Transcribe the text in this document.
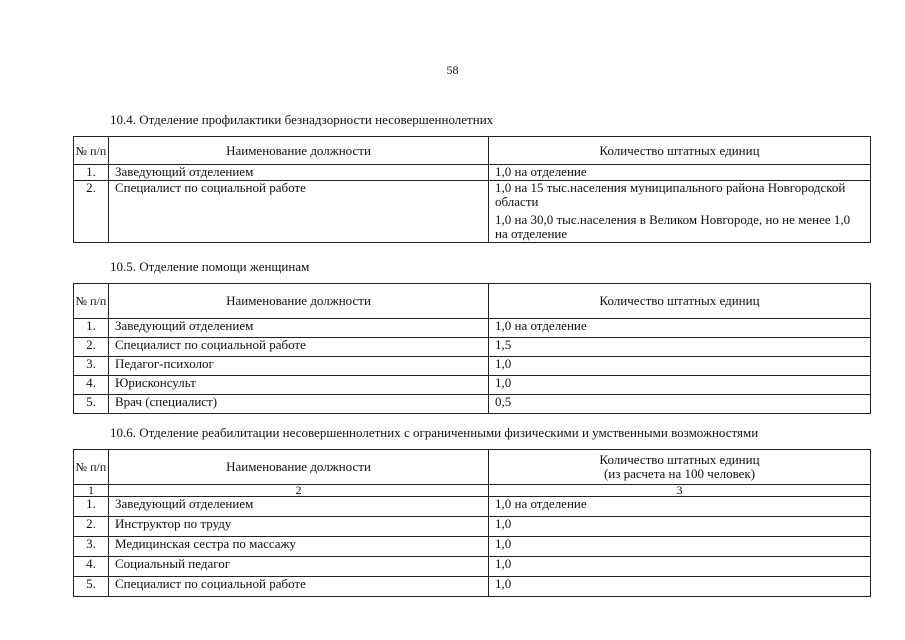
58
10.4. Отделение профилактики безнадзорности несовершеннолетних
№ п/п	Наименование должности	Количество штатных единиц
1.	Заведующий отделением	1,0 на отделение
2.	Специалист по социальной работе	1,0 на 15 тыс.населения муниципального района Новгородской области
1,0 на 30,0 тыс.населения в Великом Новгороде, но не менее 1,0 на отделение
10.5. Отделение помощи женщинам
№ п/п	Наименование должности	Количество штатных единиц
1.	Заведующий отделением	1,0 на отделение
2.	Специалист по социальной работе	1,5
3.	Педагог-психолог	1,0
4.	Юрисконсульт	1,0
5.	Врач (специалист)	0,5
10.6. Отделение реабилитации несовершеннолетних с ограниченными физическими и умственными возможностями
№ п/п	Наименование должности	Количество штатных единиц
(из расчета на 100 человек)

1	2	3
1.	Заведующий отделением	1,0 на отделение
2.	Инструктор по труду	1,0
3.	Медицинская сестра по массажу	1,0
4.	Социальный педагог	1,0
5.	Специалист по социальной работе	1,0
